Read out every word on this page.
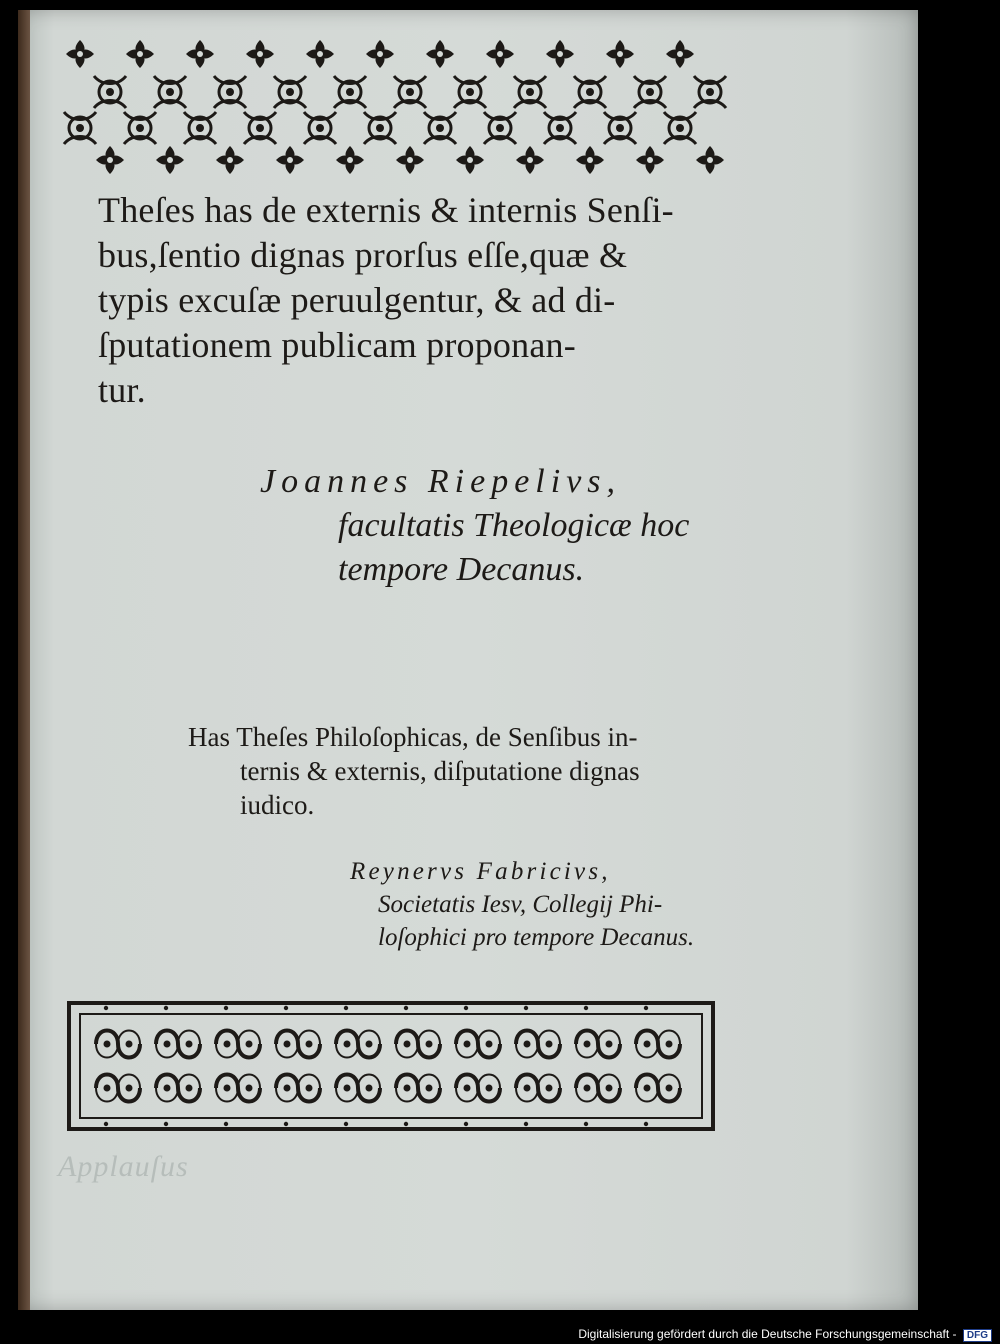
Theſes has de externis & internis Senſi-
bus,ſentio dignas prorſus eſſe,quæ &
typis excuſæ peruulgentur, & ad di-
ſputationem publicam proponan-
tur.
Joannes Riepelivs,
facultatis Theologicæ hoc
tempore Decanus.
Has Theſes Philoſophicas, de Senſibus in-
ternis & externis, diſputatione dignas
iudico.
Reynervs Fabricivs,
Societatis Iesv, Collegij Phi-
loſophici pro tempore Decanus.
Applauſus
Digitalisierung gefördert durch die Deutsche Forschungsgemeinschaft - DFG
